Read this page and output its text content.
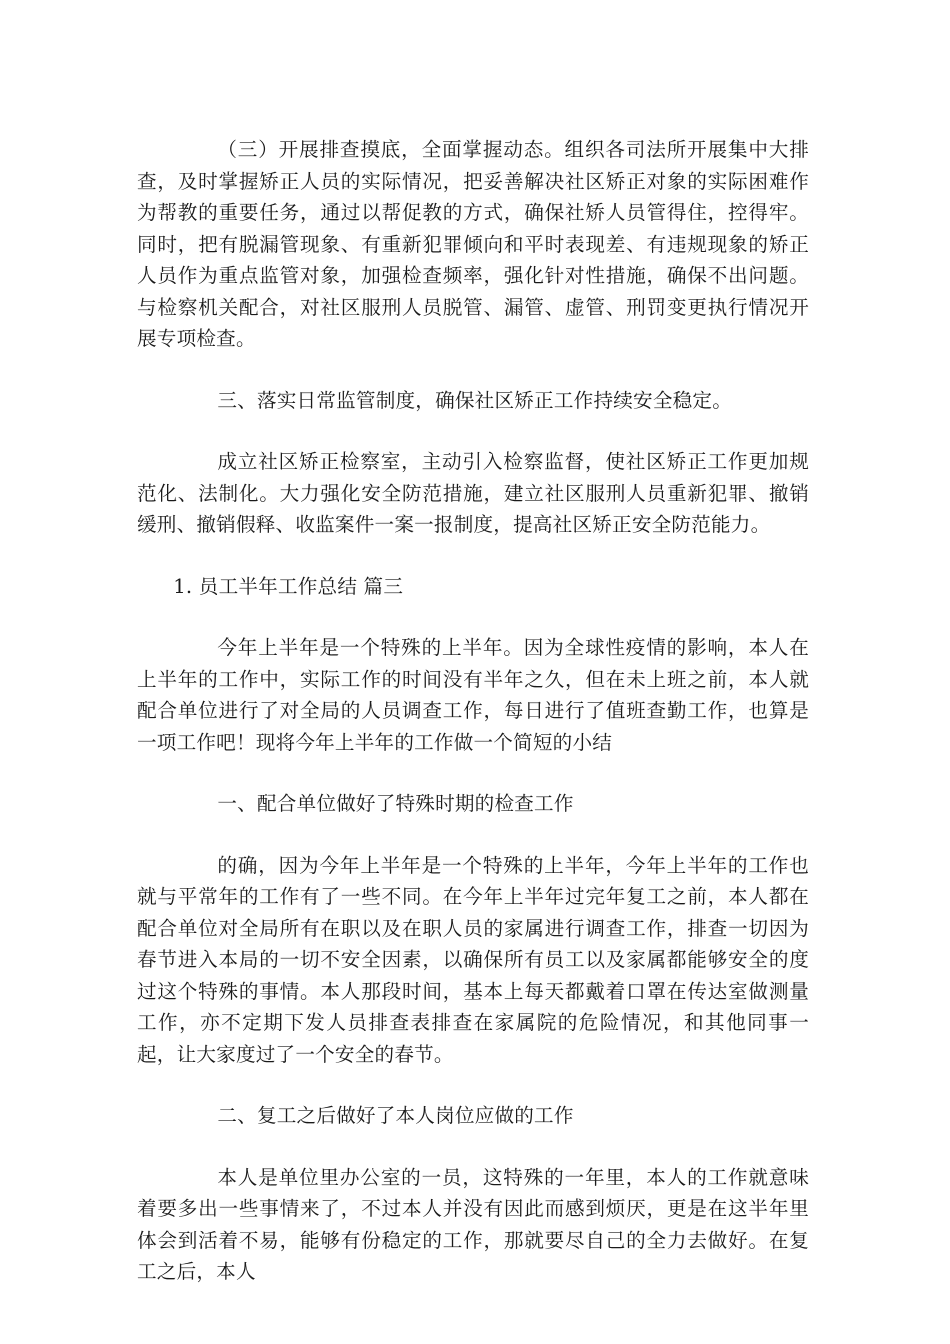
（三）开展排查摸底，全面掌握动态。组织各司法所开展集中大排查，及时掌握矫正人员的实际情况，把妥善解决社区矫正对象的实际困难作为帮教的重要任务，通过以帮促教的方式，确保社矫人员管得住，控得牢。同时，把有脱漏管现象、有重新犯罪倾向和平时表现差、有违规现象的矫正人员作为重点监管对象，加强检查频率，强化针对性措施，确保不出问题。与检察机关配合，对社区服刑人员脱管、漏管、虚管、刑罚变更执行情况开展专项检查。

三、落实日常监管制度，确保社区矫正工作持续安全稳定。

成立社区矫正检察室，主动引入检察监督，使社区矫正工作更加规范化、法制化。大力强化安全防范措施，建立社区服刑人员重新犯罪、撤销缓刑、撤销假释、收监案件一案一报制度，提高社区矫正安全防范能力。

1. 员工半年工作总结 篇三

今年上半年是一个特殊的上半年。因为全球性疫情的影响，本人在上半年的工作中，实际工作的时间没有半年之久，但在未上班之前，本人就配合单位进行了对全局的人员调查工作，每日进行了值班查勤工作，也算是一项工作吧！现将今年上半年的工作做一个简短的小结

一、配合单位做好了特殊时期的检查工作

的确，因为今年上半年是一个特殊的上半年，今年上半年的工作也就与平常年的工作有了一些不同。在今年上半年过完年复工之前，本人都在配合单位对全局所有在职以及在职人员的家属进行调查工作，排查一切因为春节进入本局的一切不安全因素，以确保所有员工以及家属都能够安全的度过这个特殊的事情。本人那段时间，基本上每天都戴着口罩在传达室做测量工作，亦不定期下发人员排查表排查在家属院的危险情况，和其他同事一起，让大家度过了一个安全的春节。

二、复工之后做好了本人岗位应做的工作

本人是单位里办公室的一员，这特殊的一年里，本人的工作就意味着要多出一些事情来了，不过本人并没有因此而感到烦厌，更是在这半年里体会到活着不易，能够有份稳定的工作，那就要尽自己的全力去做好。在复工之后，本人
